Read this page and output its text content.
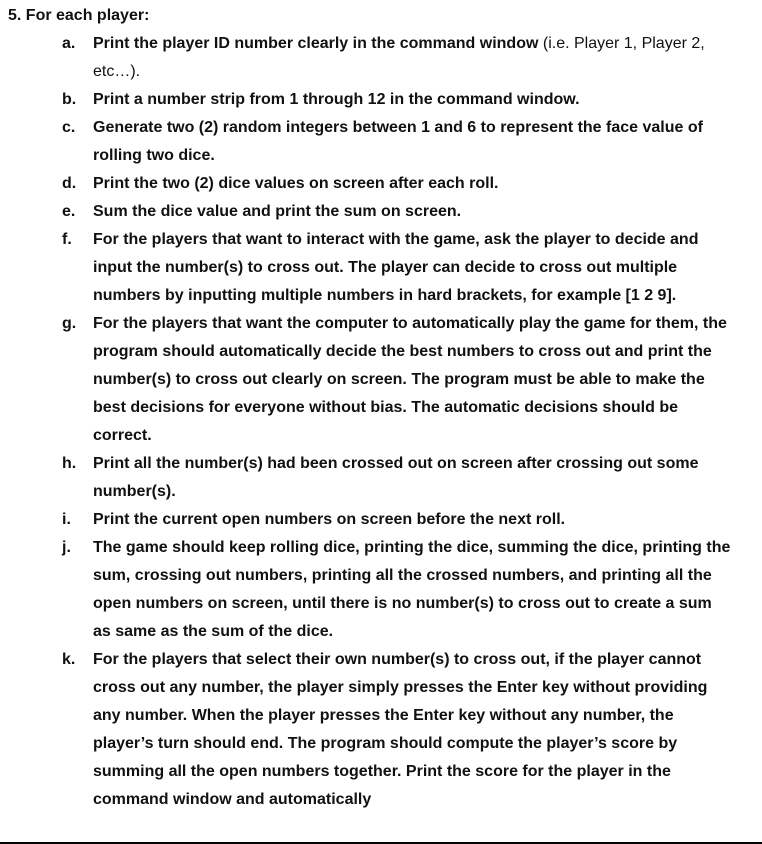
5. For each player:
a.	Print the player ID number clearly in the command window (i.e. Player 1, Player 2, etc…).
b.	Print a number strip from 1 through 12 in the command window.
c.	Generate two (2) random integers between 1 and 6 to represent the face value of rolling two dice.
d.	Print the two (2) dice values on screen after each roll.
e.	Sum the dice value and print the sum on screen.
f.	For the players that want to interact with the game, ask the player to decide and input the number(s) to cross out. The player can decide to cross out multiple numbers by inputting multiple numbers in hard brackets, for example [1 2 9].
g.	For the players that want the computer to automatically play the game for them, the program should automatically decide the best numbers to cross out and print the number(s) to cross out clearly on screen. The program must be able to make the best decisions for everyone without bias. The automatic decisions should be correct.
h.	Print all the number(s) had been crossed out on screen after crossing out some number(s).
i.	Print the current open numbers on screen before the next roll.
j.	The game should keep rolling dice, printing the dice, summing the dice, printing the sum, crossing out numbers, printing all the crossed numbers, and printing all the open numbers on screen, until there is no number(s) to cross out to create a sum as same as the sum of the dice.
k.	For the players that select their own number(s) to cross out, if the player cannot cross out any number, the player simply presses the Enter key without providing any number. When the player presses the Enter key without any number, the player’s turn should end. The program should compute the player’s score by summing all the open numbers together. Print the score for the player in the command window and automatically
